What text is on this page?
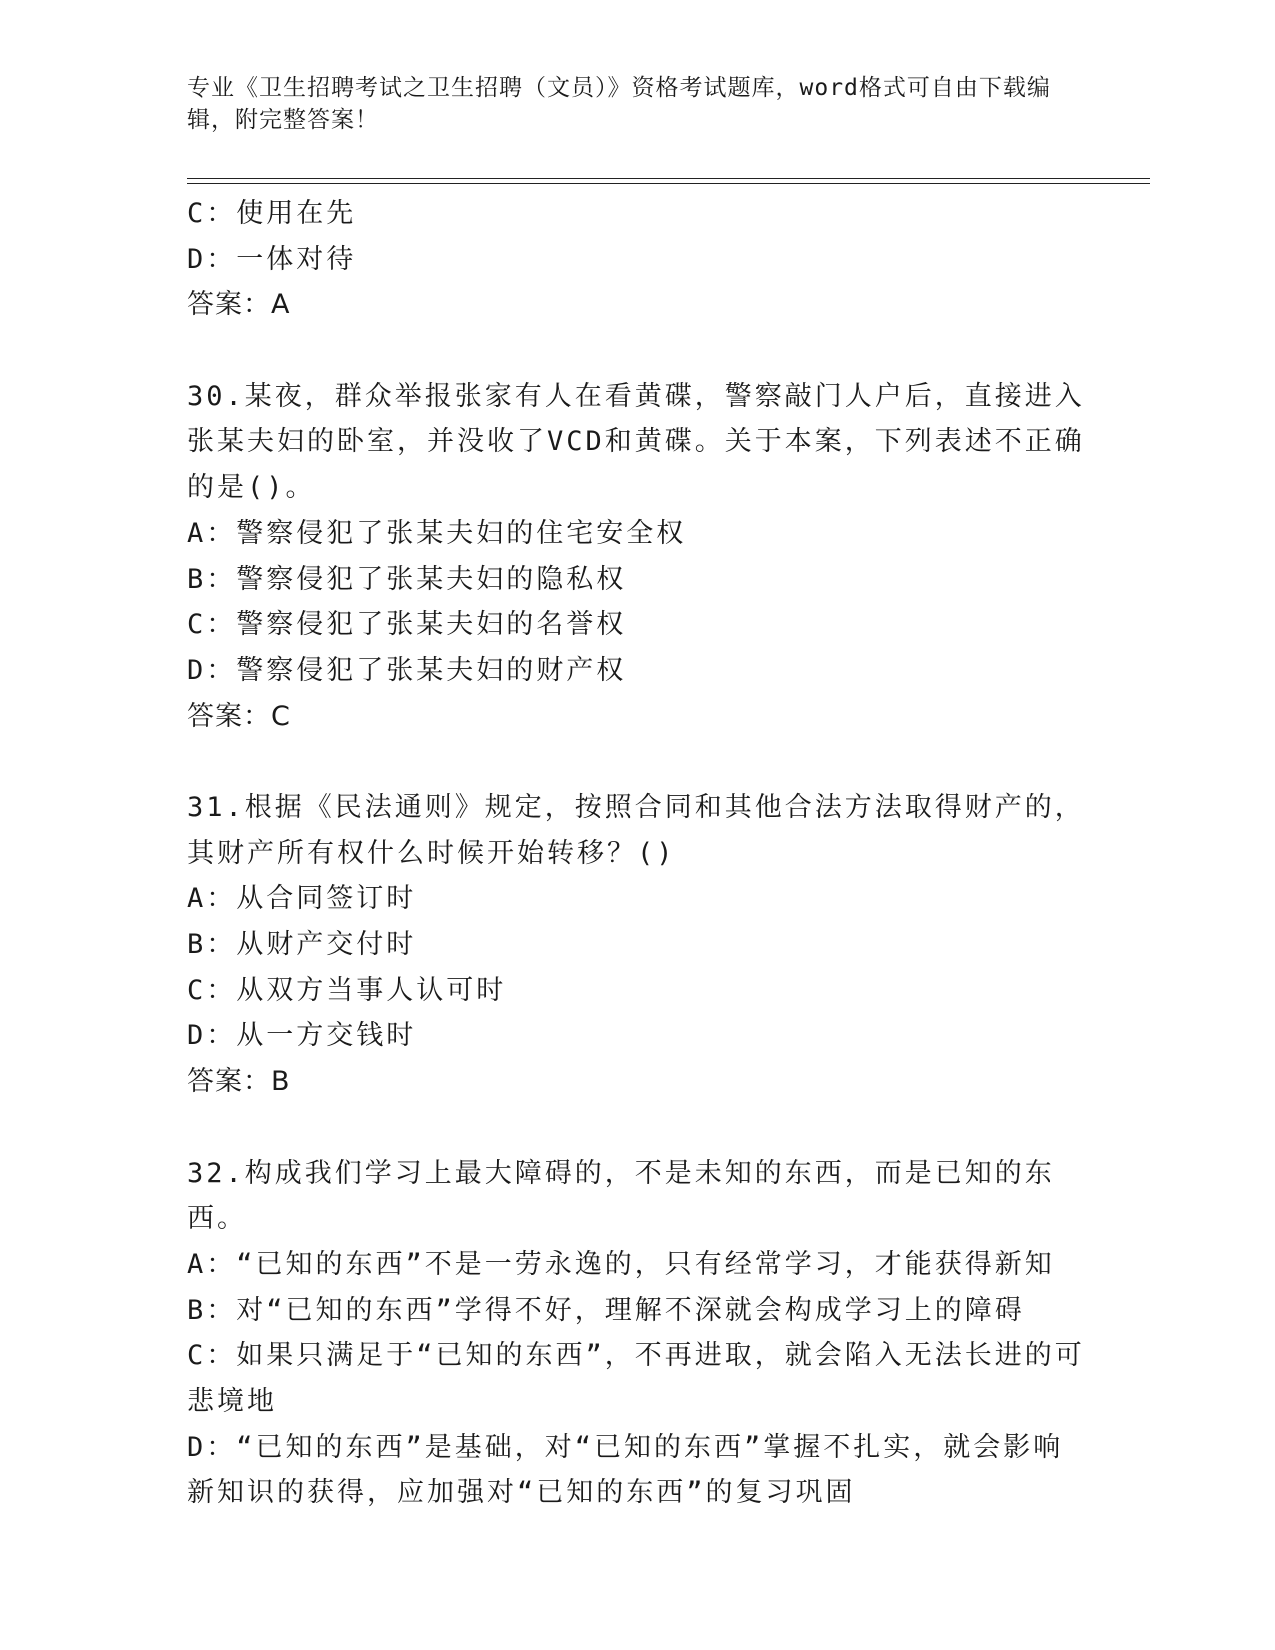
专业《卫生招聘考试之卫生招聘（文员）》资格考试题库，word格式可自由下载编辑，附完整答案！
C：使用在先
D：一体对待
答案：A
30.某夜，群众举报张家有人在看黄碟，警察敲门人户后，直接进入张某夫妇的卧室，并没收了VCD和黄碟。关于本案，下列表述不正确的是()。
A：警察侵犯了张某夫妇的住宅安全权
B：警察侵犯了张某夫妇的隐私权
C：警察侵犯了张某夫妇的名誉权
D：警察侵犯了张某夫妇的财产权
答案：C
31.根据《民法通则》规定，按照合同和其他合法方法取得财产的，其财产所有权什么时候开始转移？()
A：从合同签订时
B：从财产交付时
C：从双方当事人认可时
D：从一方交钱时
答案：B
32.构成我们学习上最大障碍的，不是未知的东西，而是已知的东西。
A：“已知的东西”不是一劳永逸的，只有经常学习，才能获得新知
B：对“已知的东西”学得不好，理解不深就会构成学习上的障碍
C：如果只满足于“已知的东西”，不再进取，就会陷入无法长进的可悲境地
D：“已知的东西”是基础，对“已知的东西”掌握不扎实，就会影响新知识的获得，应加强对“已知的东西”的复习巩固
